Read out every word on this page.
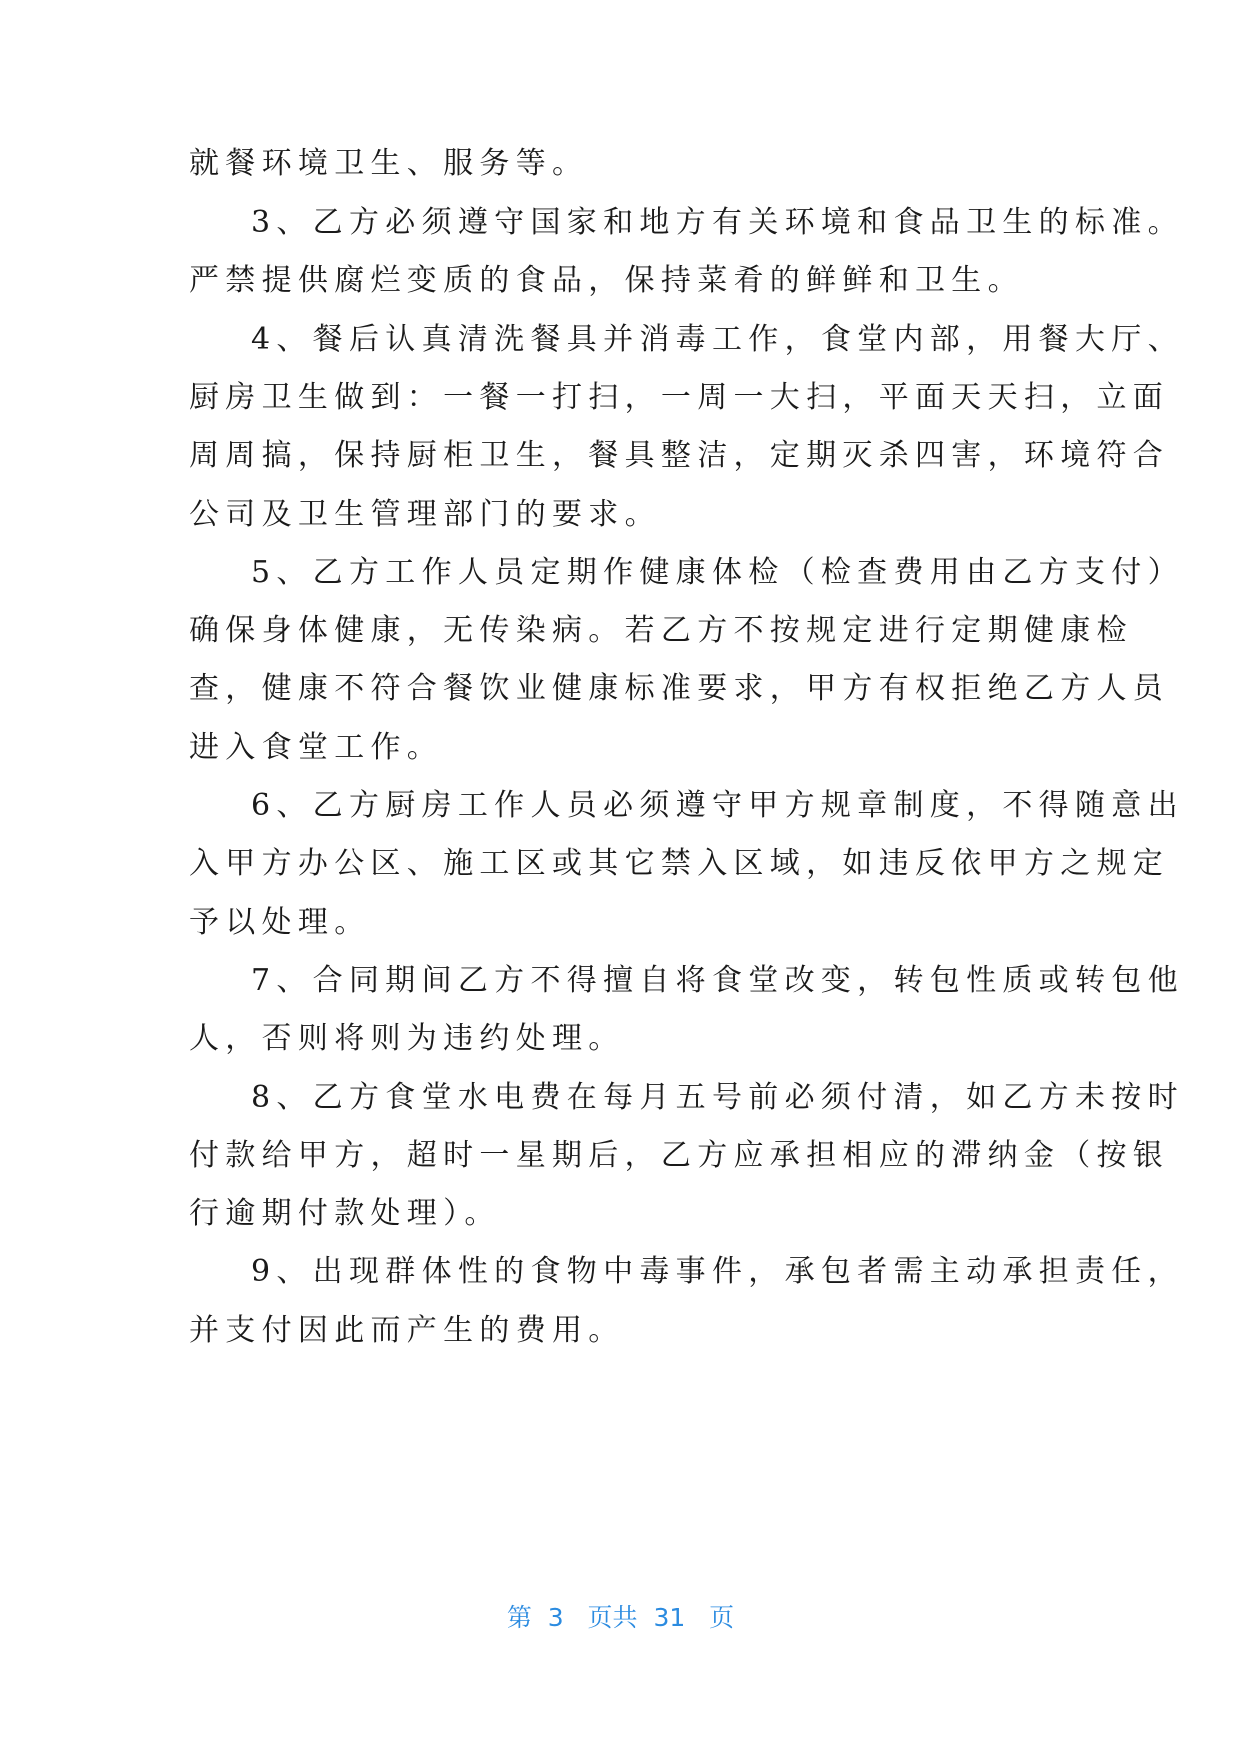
就餐环境卫生、服务等。
3、乙方必须遵守国家和地方有关环境和食品卫生的标准。
严禁提供腐烂变质的食品，保持菜肴的鲜鲜和卫生。
4、餐后认真清洗餐具并消毒工作，食堂内部，用餐大厅、
厨房卫生做到：一餐一打扫，一周一大扫，平面天天扫，立面
周周搞，保持厨柜卫生，餐具整洁，定期灭杀四害，环境符合
公司及卫生管理部门的要求。
5、乙方工作人员定期作健康体检（检查费用由乙方支付）
确保身体健康，无传染病。若乙方不按规定进行定期健康检
查，健康不符合餐饮业健康标准要求，甲方有权拒绝乙方人员
进入食堂工作。
6、乙方厨房工作人员必须遵守甲方规章制度，不得随意出
入甲方办公区、施工区或其它禁入区域，如违反依甲方之规定
予以处理。
7、合同期间乙方不得擅自将食堂改变，转包性质或转包他
人，否则将则为违约处理。
8、乙方食堂水电费在每月五号前必须付清，如乙方未按时
付款给甲方，超时一星期后，乙方应承担相应的滞纳金（按银
行逾期付款处理）。
9、出现群体性的食物中毒事件，承包者需主动承担责任，
并支付因此而产生的费用。
第  3   页共  31   页
